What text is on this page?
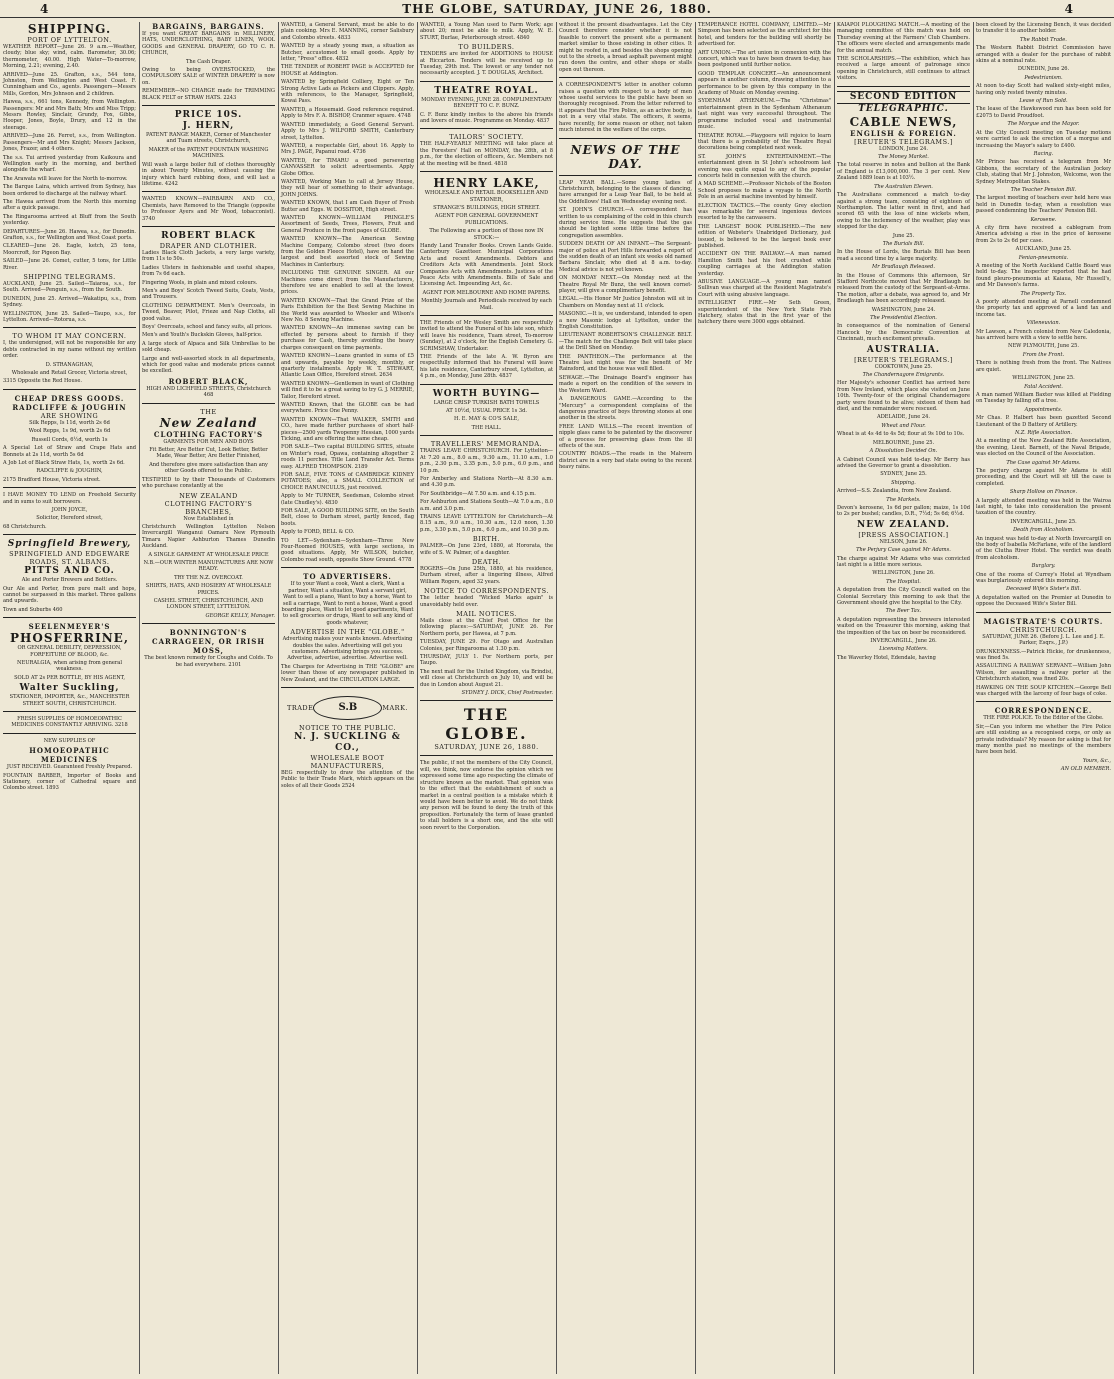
4	THE GLOBE, SATURDAY, JUNE 26, 1880.	4
SHIPPING.
PORT OF LYTTELTON.

WEATHER REPORT—June 26. 9 a.m.—Weather, cloudy; blue sky; wind, calm. Barometer, 30.06; thermometer, 40.00. High Water—To-morrow, Morning, 2.21; evening, 2.40.

ARRIVED—June 25. Grafton, s.s., 544 tons, Johnston, from Wellington and West Coast. F. Cunningham and Co., agents. Passengers—Messrs Mills, Gordon, Mrs Johnson and 2 children.

Hawea, s.s., 661 tons, Kennedy, from Wellington. Passengers: Mr and Mrs Bath; Mrs and Miss Tripp; Messrs Rowley, Sinclair, Grundy, Fox, Gibbs, Hooper, Jones, Boyle, Drury, and 12 in the steerage.

ARRIVED—June 26. Ferret, s.s., from Wellington. Passengers—Mr and Mrs Knight; Messrs Jackson, Jones, Frazer, and 4 others.

The s.s. Tui arrived yesterday from Kaikoura and Wellington early in the morning, and berthed alongside the wharf.

The Arawata will leave for the North to-morrow.

The Barque Laira, which arrived from Sydney, has been ordered to discharge at the railway wharf.

The Hawea arrived from the North this morning after a quick passage.

The Ringarooma arrived at Bluff from the South yesterday.

DEPARTURES—June 26. Hawea, s.s., for Dunedin. Grafton, s.s., for Wellington and West Coast ports.

CLEARED—June 26. Eagle, ketch, 25 tons, Moorcroft, for Pigeon Bay.

SAILED—June 26. Comet, cutter, 5 tons, for Little River.

SHIPPING TELEGRAMS.

AUCKLAND, June 25. Sailed—Taiaroa, s.s., for South. Arrived—Penguin, s.s., from the South.

DUNEDIN, June 25. Arrived—Wakatipu, s.s., from Sydney.

WELLINGTON, June 25. Sailed—Taupo, s.s., for Lyttelton. Arrived—Rotorua, s.s.

TO WHOM IT MAY CONCERN.

I, the undersigned, will not be responsible for any debts contracted in my name without my written order.

D. STRANAGHAN,

Wholesale and Retail Grocer, Victoria street,

3315 Opposite the Red House.

CHEAP DRESS GOODS.
RADCLIFFE & JOUGHIN
ARE SHOWING

Silk Repps, Is 11d, worth 2s 6d

Wool Repps, 1s 9d, worth 2s 6d

Russell Cords, 6½d, worth 1s

A Special Lot of Straw and Crape Hats and Bonnets at 2s 11d, worth 5s 6d

A Job Lot of Black Straw Hats, 1s, worth 2s 6d.

RADCLIFFE & JOUGHIN,

2175 Bradford House, Victoria street.

I HAVE MONEY TO LEND on Freehold Security and in sums to suit borrowers.

JOHN JOYCE,

Solicitor, Hereford street,

68 Christchurch.

Springfield Brewery,
SPRINGFIELD AND EDGEWARE ROADS, ST. ALBANS.
PITTS AND CO.

Ale and Porter Brewers and Bottlers.

Our Ale and Porter, from pure malt and hops, cannot be surpassed in this market. Three gallons and upwards.

Town and Suburbs 460

SEELENMEYER'S
PHOSFERRINE,

OR GENERAL DEBILITY, DEPRESSION, FORFEITURE OF BLOOD, &c.

NEURALGIA, when arising from general weakness.

SOLD AT 2s PER BOTTLE, BY HIS AGENT,

Walter Suckling,

STATIONER, IMPORTER, &c., MANCHESTER STREET SOUTH, CHRISTCHURCH.

FRESH SUPPLIES OF HOMOEOPATHIC MEDICINES CONSTANTLY ARRIVING. 3218

NEW SUPPLIES OF

HOMOEOPATHIC MEDICINES

JUST RECEIVED. Guaranteed Freshly Prepared.

FOUNTAIN BARBER, Importer of Books and Stationery, corner of Cathedral square and Colombo street. 1893

BARGAINS, BARGAINS.

If you want GREAT BARGAINS in MILLINERY, HATS, UNDERCLOTHING, BABY LINEN, WOOL GOODS and GENERAL DRAPERY, GO TO C. R. CHURCH,

The Cash Draper.

Owing to being OVERSTOCKED, the COMPULSORY SALE of WINTER DRAPERY is now on.

REMEMBER—NO CHARGE made for TRIMMING BLACK FELT or STRAW HATS. 2243

PRICE 10S.
J. HERN,

PATENT RANGE MAKER, Corner of Manchester and Tuam streets, Christchurch,

MAKER of the PATENT FOUNTAIN WASHING MACHINES.

Will wash a large boiler full of clothes thoroughly in about Twenty Minutes, without causing the injury which hard rubbing does, and will last a lifetime. 4242

WANTED KNOWN—FAIRBAIRN AND CO., Chemists, have Removed to the Triangle (opposite to Professor Ayers and Mr Wood, tobacconist). 3740

ROBERT BLACK
DRAPER AND CLOTHIER.

Ladies Black Cloth Jackets, a very large variety, from 11s to 50s.

Ladies Ulsters in fashionable and useful shapes, from 7s 6d each.

Fingering Wools, in plain and mixed colours.

Men's and Boys' Scotch Tweed Suits, Coats, Vests, and Trousers.

CLOTHING DEPARTMENT. Men's Overcoats, in Tweed, Beaver, Pilot, Frieze and Nap Cloths, all good value.

Boys' Overcoats, school and fancy suits, all prices.

Men's and Youth's Buckskin Gloves, half-price.

A large stock of Alpaca and Silk Umbrellas to be sold cheap.

Large and well-assorted stock in all departments, which for good value and moderate prices cannot be excelled.

ROBERT BLACK,

HIGH AND LICHFIELD STREETS, Christchurch 468

THE
New Zealand
CLOTHING FACTORY'S

GARMENTS FOR MEN AND BOYS

Fit Better, Are Better Cut, Look Better, Better Made, Wear Better, Are Better Finished,

And therefore give more satisfaction than any other Goods offered to the Public.

TESTIFIED to by their Thousands of Customers who purchase constantly at the

NEW ZEALAND
CLOTHING FACTORY'S BRANCHES,

Now Established in

Christchurch Wellington Lyttelton Nelson Invercargill Wanganui Oamaru New Plymouth Timaru Napier Ashburton Thames Dunedin Auckland.

A SINGLE GARMENT AT WHOLESALE PRICE

N.B.—OUR WINTER MANUFACTURES ARE NOW READY.

TRY THE N.Z. OVERCOAT.

SHIRTS, HATS, AND HOSIERY AT WHOLESALE PRICES.

CASHEL STREET, CHRISTCHURCH, AND LONDON STREET, LYTTELTON.

GEORGE KELLY, Manager.

BONNINGTON'S CARRAGEEN, OR IRISH MOSS,

The best known remedy for Coughs and Colds. To be had everywhere. 2101

WANTED, a General Servant, must be able to do plain cooking. Mrs E. MANNING, corner Salisbury and Colombo streets. 4833

WANTED by a steady young man, a situation as Butcher, accustomed to small goods. Apply by letter, "Press" office. 4832

THE TENDER of ROBERT PAGE is ACCEPTED for HOUSE at Addington.

WANTED by Springfield Colliery, Eight or Ten Strong Active Lads as Pickers and Clippers. Apply, with references, to the Manager, Springfield, Kowai Pass.

WANTED, a Housemaid. Good reference required. Apply to Mrs F. A. BISHOP, Cranmer square. 4748

WANTED immediately, a Good General Servant. Apply to Mrs J. WILFORD SMITH, Canterbury street, Lyttelton.

WANTED, a respectable Girl, about 16. Apply to Mrs J. PAGE, Papanui road. 4736

WANTED, for TIMARU a good persevering CANVASSER to solicit advertisements. Apply Globe Office.

WANTED, Working Man to call at Jersey House, they will hear of something to their advantage. JOHN JOHNS.

WANTED KNOWN, that I am Cash Buyer of Fresh Butter and Eggs. W. DOSSITOR, High street.

WANTED KNOWN—WILLIAM PRINGLE'S Assortment of Seeds, Trees, Flowers, Fruit and General Produce in the front pages of GLOBE.

WANTED KNOWN—The American Sewing Machine Company, Colombo street (two doors from the Golden Fleece Hotel), have on hand the largest and best assorted stock of Sewing Machines in Canterbury.

INCLUDING THE GENUINE SINGER. All our Machines come direct from the Manufacturers, therefore we are enabled to sell at the lowest prices.

WANTED KNOWN—That the Grand Prize of the Paris Exhibition for the Best Sewing Machine in the World was awarded to Wheeler and Wilson's New No. 8 Sewing Machine.

WANTED KNOWN—An immense saving can be effected by persons about to furnish if they purchase for Cash, thereby avoiding the heavy charges consequent on time payments.

WANTED KNOWN—Loans granted in sums of £5 and upwards, payable by weekly, monthly, or quarterly instalments. Apply W. T. STEWART, Atlantic Loan Office, Hereford street. 2634

WANTED KNOWN—Gentlemen in want of Clothing will find it to be a great saving to try G. J. MERRIE, Tailor, Hereford street.

WANTED Known, that the GLOBE can be had everywhere. Price One Penny.

WANTED KNOWN—That WALKER, SMITH and CO., have made further purchases of short half-pieces—2500 yards Twopenny Hessian, 1000 yards Ticking, and are offering the same cheap.

FOR SALE—Two capital BUILDING SITES, situate on Winter's road, Opawa, containing altogether 2 roods 11 perches. Title Land Transfer Act. Terms easy. ALFRED THOMPSON. 2189

FOR SALE, FIVE TONS of CAMBRIDGE KIDNEY POTATOES; also, a SMALL COLLECTION of CHOICE RANUNCULUS, just received.

Apply to Mr TURNER, Seedsman, Colombo street (late Chudley's). 4830

FOR SALE, A GOOD BUILDING SITE, on the South Belt, close to Durham street, partly fenced, flag boots.

Apply to FORD, BELL & CO.

TO LET—Sydenham—Sydenham—Three New Four-Roomed HOUSES, with large sections, in good situations. Apply, Mr WILSON, butcher, Colombo road south, opposite Show Ground. 4778

TO ADVERTISERS.

If to your Want a cook, Want a clerk, Want a partner, Want a situation, Want a servant girl, Want to sell a piano, Want to buy a horse, Want to sell a carriage, Want to rent a house, Want a good boarding place, Want to let good apartments, Want to sell groceries or drugs, Want to sell any kind of goods whatever,

ADVERTISE IN THE "GLOBE."

Advertising makes your wants known. Advertising doubles the sales. Advertising will get you customers. Advertising brings you success. Advertise, advertise, advertise. Advertise well.

The Charges for Advertising in THE "GLOBE" are lower than those of any newspaper published in New Zealand, and the CIRCULATION LARGE.

TRADE	S.B	MARK.
NOTICE TO THE PUBLIC.
N. J. SUCKLING & CO.,
WHOLESALE BOOT MANUFACTURERS,

BEG respectfully to draw the attention of the Public to their Trade Mark, which appears on the soles of all their Goods 2524

WANTED, a Young Man used to Farm Work; age about 20; must be able to milk. Apply, W. E. STURT, Burlae, Peterborough street. 4840

TO BUILDERS.

TENDERS are invited for ADDITIONS to HOUSE at Riccarton. Tenders will be received up to Tuesday, 29th inst. The lowest or any tender not necessarily accepted. J. T. DOUGLAS, Architect.

THEATRE ROYAL.

MONDAY EVENING, JUNE 28. COMPLIMENTARY BENEFIT TO C. F. BUNZ.

C. F. Bunz kindly invites to the above his friends and lovers of music. Programme on Monday. 4837

TAILORS' SOCIETY.

THE HALF-YEARLY MEETING will take place at the Foresters' Hall on MONDAY, the 28th, at 8 p.m., for the election of officers, &c. Members not at the meeting will be fined. 4818

HENRY LAKE,

WHOLESALE AND RETAIL BOOKSELLER AND STATIONER,

STRANGE'S BUILDINGS, HIGH STREET.

AGENT FOR GENERAL GOVERNMENT PUBLICATIONS.

The Following are a portion of those now IN STOCK:—

Handy Land Transfer Books. Crown Lands Guide. Canterbury Gazetteer. Municipal Corporations Acts and recent Amendments. Debtors and Creditors Acts with Amendments. Joint Stock Companies Acts with Amendments. Justices of the Peace Acts with Amendments. Bills of Sale and Licensing Act. Impounding Act, &c.

AGENT FOR MELBOURNE AND HOME PAPERS.

Monthly Journals and Periodicals received by each Mail.

THE Friends of Mr Wesley Smith are respectfully invited to attend the Funeral of his late son, which will leave his residence, Tuam street, To-morrow (Sunday), at 2 o'clock, for the English Cemetery. G. SCRIMSHAW, Undertaker.

THE Friends of the late A. W. Byron are respectfully informed that his Funeral will leave his late residence, Canterbury street, Lyttelton, at 4 p.m., on Monday, June 28th. 4837

WORTH BUYING—

LARGE CRISP TURKISH BATH TOWELS

AT 10½d, USUAL PRICE 1s 3d.

H. E. MAY & CO'S SALE,

THE HALL.

TRAVELLERS' MEMORANDA.

TRAINS LEAVE CHRISTCHURCH. For Lyttelton—At 7.20 a.m., 8.0 a.m., 9.30 a.m., 11.10 a.m., 1.0 p.m., 2.30 p.m., 3.35 p.m., 5.0 p.m., 6.0 p.m., and 10 p.m.

For Amberley and Stations North—At 8.30 a.m. and 4.30 p.m.

For Southbridge—At 7.50 a.m. and 4.15 p.m.

For Ashburton and Stations South—At 7.0 a.m., 8.0 a.m. and 3.0 p.m.

TRAINS LEAVE LYTTELTON for Christchurch—At 8.15 a.m., 9.0 a.m., 10.30 a.m., 12.0 noon, 1.30 p.m., 3.30 p.m., 5.0 p.m., 6.0 p.m., and 10.30 p.m.

BIRTH.

PALMER—On June 23rd, 1880, at Hororata, the wife of S. W. Palmer, of a daughter.

DEATH.

ROGERS—On June 25th, 1880, at his residence, Durham street, after a lingering illness, Alfred William Rogers, aged 32 years.

NOTICE TO CORRESPONDENTS.

The letter headed "Wicked Marks again" is unavoidably held over.

MAIL NOTICES.

Mails close at the Chief Post Office for the following places:—SATURDAY, JUNE 26. For Northern ports, per Hawea, at 7 p.m.

TUESDAY, JUNE 29. For Otago and Australian Colonies, per Ringarooma at 1.30 p.m.

THURSDAY, JULY 1. For Northern ports, per Taupo.

The next mail for the United Kingdom, via Brindisi, will close at Christchurch on July 10, and will be due in London about August 21.

SYDNEY J. DICK, Chief Postmaster.

THE GLOBE.
SATURDAY, JUNE 26, 1880.

The public, if not the members of the City Council, will, we think, now endorse the opinion which we expressed some time ago respecting the climate of structure known as the market. That opinion was to the effect that the establishment of such a market in a central position is a mistake which it would have been better to avoid. We do not think any person will be found to deny the truth of this proposition. Fortunately the term of lease granted to stall holders is a short one, and the site will soon revert to the Corporation.

without it the present disadvantages. Let the City Council therefore consider whether it is not feasible to convert the present site a permanent market similar to those existing in other cities. It might be roofed in, and besides the shops opening out to the streets, a broad asphalt pavement might run down the centre, and other shops or stalls open out thereon.

A CORRESPONDENT'S letter in another column raises a question with respect to a body of men whose useful services to the public have been so thoroughly recognised. From the letter referred to it appears that the Fire Police, as an active body, is not in a very vital state. The officers, it seems, have recently, for some reason or other, not taken much interest in the welfare of the corps.

NEWS OF THE DAY.

LEAP YEAR BALL.—Some young ladies of Christchurch, belonging to the classes of dancing, have arranged for a Leap Year Ball, to be held at the Oddfellows' Hall on Wednesday evening next.

ST. JOHN'S CHURCH.—A correspondent has written to us complaining of the cold in this church during service time. He suggests that the gas should be lighted some little time before the congregation assembles.

SUDDEN DEATH OF AN INFANT.—The Sergeant-major of police at Port Hills forwarded a report of the sudden death of an infant six weeks old named Barbara Sinclair, who died at 8 a.m. to-day. Medical advice is not yet known.

ON MONDAY NEXT.—On Monday next at the Theatre Royal Mr Bunz, the well known cornet-player, will give a complimentary benefit.

LEGAL.—His Honor Mr Justice Johnston will sit in Chambers on Monday next at 11 o'clock.

MASONIC.—It is, we understand, intended to open a new Masonic lodge at Lyttelton, under the English Constitution.

LIEUTENANT ROBERTSON'S CHALLENGE BELT.—The match for the Challenge Belt will take place at the Drill Shed on Monday.

THE PANTHEON.—The performance at the Theatre last night was for the benefit of Mr Rainsford, and the house was well filled.

SEWAGE.—The Drainage Board's engineer has made a report on the condition of the sewers in the Western Ward.

A DANGEROUS GAME.—According to the "Mercury" a correspondent complains of the dangerous practice of boys throwing stones at one another in the streets.

FREE LAND WILLS.—The recent invention of nipple glass came to be patented by the discoverer of a process for preserving glass from the ill effects of the sun.

COUNTRY ROADS.—The roads in the Malvern district are in a very bad state owing to the recent heavy rains.

TEMPERANCE HOTEL COMPANY, LIMITED.—Mr Simpson has been selected as the architect for this hotel, and tenders for the building will shortly be advertised for.

ART UNION.—The art union in connexion with the concert, which was to have been drawn to-day, has been postponed until further notice.

GOOD TEMPLAR CONCERT.—An announcement appears in another column, drawing attention to a performance to be given by this company in the Academy of Music on Monday evening.

SYDENHAM ATHENÆUM.—The "Christmas" entertainment given in the Sydenham Athenæum last night was very successful throughout. The programme included vocal and instrumental music.

THEATRE ROYAL.—Playgoers will rejoice to learn that there is a probability of the Theatre Royal decorations being completed next week.

ST. JOHN'S ENTERTAINMENT.—The entertainment given in St John's schoolroom last evening was quite equal to any of the popular concerts held in connexion with the church.

A MAD SCHEME.—Professor Nichols of the Boston School proposes to make a voyage to the North Pole in an aerial machine invented by himself.

ELECTION TACTICS.—The county Grey election was remarkable for several ingenious devices resorted to by the canvassers.

THE LARGEST BOOK PUBLISHED.—The new edition of Webster's Unabridged Dictionary, just issued, is believed to be the largest book ever published.

ACCIDENT ON THE RAILWAY.—A man named Hamilton Smith had his foot crushed while coupling carriages at the Addington station yesterday.

ABUSIVE LANGUAGE.—A young man named Sullivan was charged at the Resident Magistrate's Court with using abusive language.

INTELLIGENT FIRE.—Mr Seth Green, superintendent of the New York State Fish Hatchery, states that in the first year of the hatchery there were 3000 eggs obtained.

KAIAPOI PLOUGHING MATCH.—A meeting of the managing committee of this match was held on Thursday evening at the Farmers' Club Chambers. The officers were elected and arrangements made for the annual match.

THE SCHOLARSHIPS.—The exhibition, which has received a large amount of patronage since opening in Christchurch, still continues to attract visitors.

SECOND EDITION
TELEGRAPHIC.
CABLE NEWS,
ENGLISH & FOREIGN.
[REUTER'S TELEGRAMS.]

LONDON, June 24.

The Money Market.

The total reserve in notes and bullion at the Bank of England is £13,000,000. The 3 per cent. New Zealand 1889 loan is at 103½.

The Australian Eleven.

The Australians commenced a match to-day against a strong team, consisting of eighteen of Northampton. The latter went in first, and had scored 65 with the loss of nine wickets when, owing to the inclemency of the weather, play was stopped for the day.

June 25.

The Burials Bill.

In the House of Lords, the Burials Bill has been read a second time by a large majority.

Mr Bradlaugh Released.

In the House of Commons this afternoon, Sir Stafford Northcote moved that Mr Bradlaugh be released from the custody of the Sergeant-at-Arms. The motion, after a debate, was agreed to, and Mr Bradlaugh has been accordingly released.

WASHINGTON, June 24.

The Presidential Election.

In consequence of the nomination of General Hancock by the Democratic Convention at Cincinnati, much excitement prevails.

AUSTRALIA.
[REUTER'S TELEGRAMS.]

COOKTOWN, June 25.

The Chandernagore Emigrants.

Her Majesty's schooner Conflict has arrived here from New Ireland, which place she visited on June 10th. Twenty-four of the original Chandernagore party were found to be alive; sixteen of them had died, and the remainder were rescued.

ADELAIDE, June 24.

Wheat and Flour.

Wheat is at 4s 4d to 4s 5d; flour at 9s 10d to 10s.

MELBOURNE, June 25.

A Dissolution Decided On.

A Cabinet Council was held to-day. Mr Berry has advised the Governor to grant a dissolution.

SYDNEY, June 25.

Shipping.

Arrived—S.S. Zealandia, from New Zealand.

The Markets.

Devon's kerosene, 1s 6d per gallon; maize, 1s 10d to 2s per bushel; candles, D.R., 7½d; 5s 6d; 6½d.

NEW ZEALAND.
[PRESS ASSOCIATION.]

NELSON, June 26.

The Perjury Case against Mr Adams.

The charge against Mr Adams who was convicted last night is a little more serious.

WELLINGTON, June 26.

The Hospital.

A deputation from the City Council waited on the Colonial Secretary this morning to ask that the Government should give the hospital to the City.

The Beer Tax.

A deputation representing the brewers interested waited on the Treasurer this morning, asking that the imposition of the tax on beer be reconsidered.

INVERCARGILL, June 26.

Licensing Matters.

The Waverley Hotel, Edendale, having

been closed by the Licensing Bench, it was decided to transfer it to another holder.

The Rabbit Trade.

The Western Rabbit District Commission have arranged with a dealer for the purchase of rabbit skins at a nominal rate.

DUNEDIN, June 26.

Pedestrianism.

At noon to-day Scott had walked sixty-eight miles, having only rested twenty minutes.

Lease of Run Sold.

The lease of the Hawkswood run has been sold for £2075 to David Proudfoot.

The Morgue and the Mayor.

At the City Council meeting on Tuesday motions were carried to ask the erection of a morgue and increasing the Mayor's salary to £400.

Racing.

Mr Prince has received a telegram from Mr Gibbons, the secretary of the Australian Jockey Club, stating that Mr J. Johnston, Welcome, won the Sydney Metropolitan Stakes.

The Teacher Pension Bill.

The largest meeting of teachers ever held here was held in Dunedin to-day, when a resolution was passed condemning the Teachers' Pension Bill.

Kerosene.

A city firm have received a cablegram from America advising a rise in the price of kerosene from 2s to 2s 6d per case.

AUCKLAND, June 25.

Fenian-pneumonia.

A meeting of the North Auckland Cattle Board was held to-day. The inspector reported that he had found pleuro-pneumonia at Kaiaua, Mr Russell's, and Mr Dawson's farms.

The Property Tax.

A poorly attended meeting at Parnell condemned the property tax and approved of a land tax and income tax.

Villeneuvian.

Mr Lawson, a French colonist from New Caledonia, has arrived here with a view to settle here.

NEW PLYMOUTH, June 25.

From the Front.

There is nothing fresh from the front. The Natives are quiet.

WELLINGTON, June 25.

Fatal Accident.

A man named William Baxter was killed at Fielding on Tuesday by falling off a tree.

Appointments.

Mr Chas. P. Halbert has been gazetted Second Lieutenant of the D Battery of Artillery.

N.Z. Rifle Association.

At a meeting of the New Zealand Rifle Association, the evening, Lieut. Barnett, of the Naval Brigade, was elected on the Council of the Association.

The Case against Mr Adams.

The perjury charge against Mr Adams is still proceeding, and the Court will sit till the case is completed.

Sharp Hollow on Finance.

A largely attended meeting was held in the Wairoa last night, to take into consideration the present taxation of the country.

INVERCARGILL, June 25.

Death from Alcoholism.

An inquest was held to-day at North Invercargill on the body of Isabella McFarlane, wife of the landlord of the Clutha River Hotel. The verdict was death from alcoholism.

Burglary.

One of the rooms of Currey's Hotel at Wyndham was burglariously entered this morning.

Deceased Wife's Sister's Bill.

A deputation waited on the Premier at Dunedin to oppose the Deceased Wife's Sister Bill.

MAGISTRATE'S COURTS.
CHRISTCHURCH.

SATURDAY, JUNE 26. (Before J. L. Lee and J. E. Parker, Esqrs., J.P.)

DRUNKENNESS.—Patrick Hickie, for drunkenness, was fined 5s.

ASSAULTING A RAILWAY SERVANT.—William John Wilson, for assaulting a railway porter at the Christchurch station, was fined 20s.

HAWKING ON THE SOUP KITCHEN.—George Bell was charged with the larceny of four bags of coke.

CORRESPONDENCE.

THE FIRE POLICE. To the Editor of the Globe.

Sir,—Can you inform me whether the Fire Police are still existing as a recognised corps, or only as private individuals? My reason for asking is that for many months past no meetings of the members have been held.

Yours, &c.,

AN OLD MEMBER.
